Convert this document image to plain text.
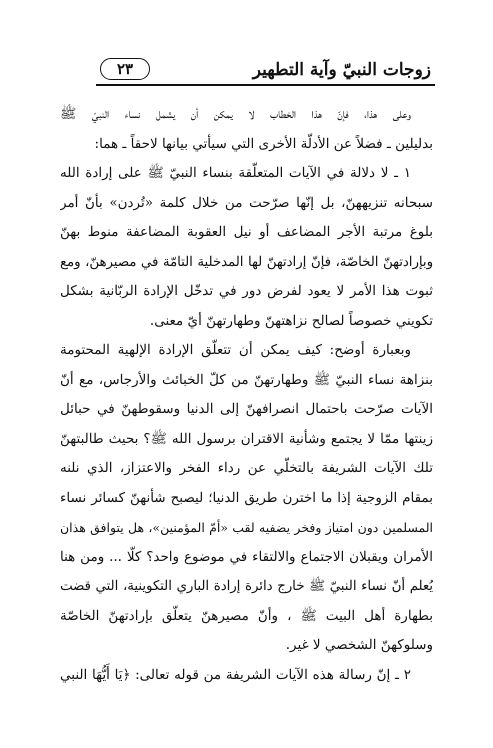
زوجات النبيّ وآية التطهير
٢٣
وعلى هذا، فإنّ هذا الخطاب لا يمكن أن يشمل نساء النبيّ ﷺ
بدليلين ـ فضلاً عن الأدلّة الأخرى التي سيأتي بيانها لاحقاً ـ هما:
١ ـ لا دلالة في الآيات المتعلّقة بنساء النبيّ ﷺ على إرادة الله
سبحانه تنزيههنّ، بل إنّها صرّحت من خلال كلمة «تُردن» بأنّ أمر
بلوغ مرتبة الأجر المضاعف أو نيل العقوبة المضاعفة منوط بهنّ
وبإرادتهنّ الخاصّة، فإنّ إرادتهنّ لها المدخلية التامّة في مصيرهنّ، ومع
ثبوت هذا الأمر لا يعود لفرض دور في تدخّل الإرادة الربّانية بشكل
تكويني خصوصاً لصالح نزاهتهنّ وطهارتهنّ أيّ معنى.
وبعبارة أوضح: كيف يمكن أن تتعلّق الإرادة الإلهية المحتومة
بنزاهة نساء النبيّ ﷺ وطهارتهنّ من كلّ الخبائث والأرجاس، مع أنّ
الآيات صرّحت باحتمال انصرافهنّ إلى الدنيا وسقوطهنّ في حبائل
زينتها ممّا لا يجتمع وشأنية الاقتران برسول الله ﷺ؟ بحيث طالبتهنّ
تلك الآيات الشريفة بالتخلّي عن رداء الفخر والاعتزاز، الذي نلنه
بمقام الزوجية إذا ما اخترن طريق الدنيا؛ ليصبح شأنهنّ كسائر نساء
المسلمين دون امتياز وفخر يضفيه لقب «أمّ المؤمنين»، هل يتوافق هذان
الأمران ويقبلان الاجتماع والالتقاء في موضوع واحد؟ كلّا ... ومن هنا
يُعلم أنّ نساء النبيّ ﷺ خارج دائرة إرادة الباري التكوينية، التي قضت
بطهارة أهل البيت ﷺ ، وأنّ مصيرهنّ يتعلّق بإرادتهنّ الخاصّة
وسلوكهنّ الشخصي لا غير.
٢ ـ إنّ رسالة هذه الآيات الشريفة من قوله تعالى: ﴿يَا أَيُّهَا النبي
